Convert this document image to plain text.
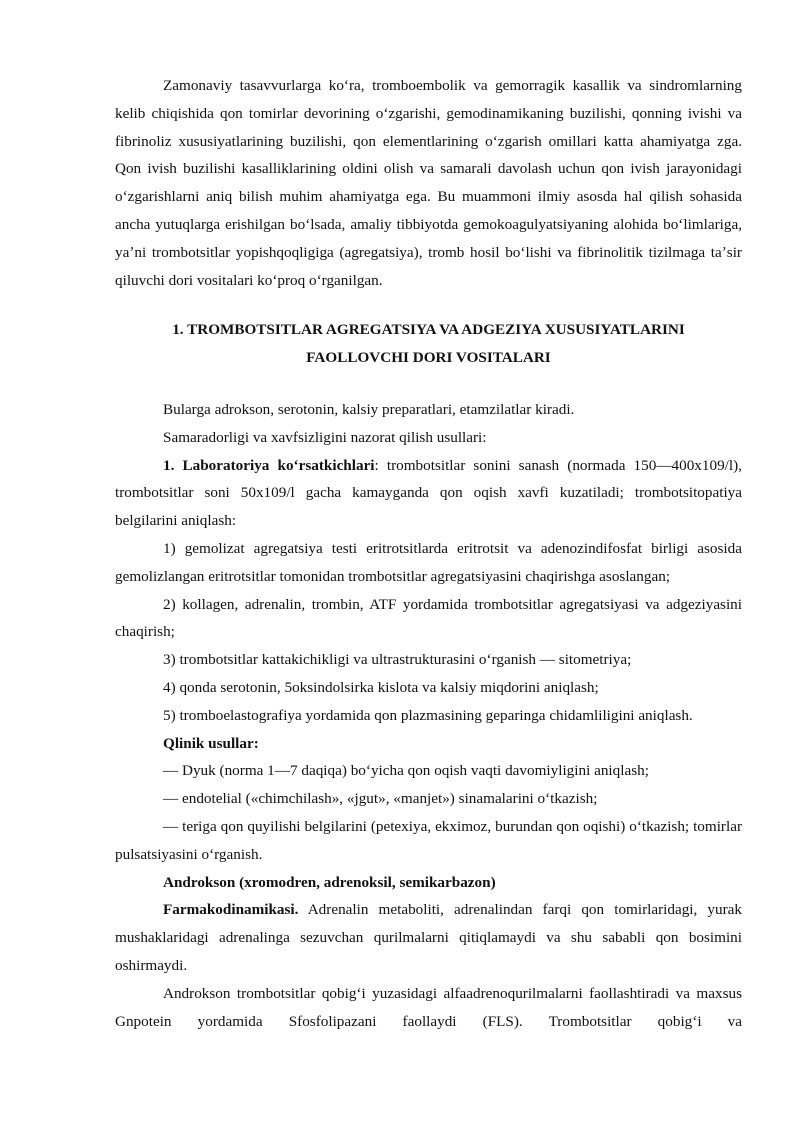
Zamonaviy tasavvurlarga koʻra, tromboembolik va gemorragik kasallik va sindromlarning kelib chiqishida qon tomirlar devorining oʻzgarishi, gemodinamikaning buzilishi, qonning ivishi va fibrinoliz xususiyatlarining buzilishi, qon elementlarining oʻzgarish omillari katta ahamiyatga zga. Qon ivish buzilishi kasalliklarining oldini olish va samarali davolash uchun qon ivish jarayonidagi oʻzgarishlarni aniq bilish muhim ahamiyatga ega. Bu muammoni ilmiy asosda hal qilish sohasida ancha yutuqlarga erishilgan boʻlsada, amaliy tibbiyotda gemokoagulyatsiyaning alohida boʻlimlariga, yaʼni trombotsitlar yopishqoqligiga (agregatsiya), tromb hosil boʻlishi va fibrinolitik tizilmaga taʼsir qiluvchi dori vositalari koʻproq oʻrganilgan.

1. TROMBOTSITLAR AGREGATSIYA VA ADGEZIYA XUSUSIYATLARINI
FAOLLOVCHI DORI VOSITALARI

Bularga adrokson, serotonin, kalsiy preparatlari, etamzilatlar kiradi.

Samaradorligi va xavfsizligini nazorat qilish usullari:

1. Laboratoriya koʻrsatkichlari: trombotsitlar sonini sanash (normada 150—400x109/l), trombotsitlar soni 50x109/l gacha kamayganda qon oqish xavfi kuzatiladi; trombotsitopatiya belgilarini aniqlash:

1) gemolizat agregatsiya testi eritrotsitlarda eritrotsit va adenozindifosfat birligi asosida gemolizlangan eritrotsitlar tomonidan trombotsitlar agregatsiyasini chaqirishga asoslangan;

2) kollagen, adrenalin, trombin, ATF yordamida trombotsitlar agregatsiyasi va adgeziyasini chaqirish;

3) trombotsitlar kattakichikligi va ultrastrukturasini oʻrganish — sitometriya;

4) qonda serotonin, 5oksindolsirka kislota va kalsiy miqdorini aniqlash;

5) tromboelastografiya yordamida qon plazmasining geparinga chidamliligini aniqlash.

Qlinik usullar:

— Dyuk (norma 1—7 daqiqa) boʻyicha qon oqish vaqti davomiyligini aniqlash;

— endotelial («chimchilash», «jgut», «manjet») sinamalarini oʻtkazish;

— teriga qon quyilishi belgilarini (petexiya, ekximoz, burundan qon oqishi) oʻtkazish; tomirlar pulsatsiyasini oʻrganish.

Androkson (xromodren, adrenoksil, semikarbazon)

Farmakodinamikasi. Adrenalin metaboliti, adrenalindan farqi qon tomirlaridagi, yurak mushaklaridagi adrenalinga sezuvchan qurilmalarni qitiqlamaydi va shu sababli qon bosimini oshirmaydi.

Androkson trombotsitlar qobigʻi yuzasidagi alfaadrenoqurilmalarni faollashtiradi va maxsus Gnpotein yordamida Sfosfolipazani faollaydi (FLS). Trombotsitlar qobigʻi va
